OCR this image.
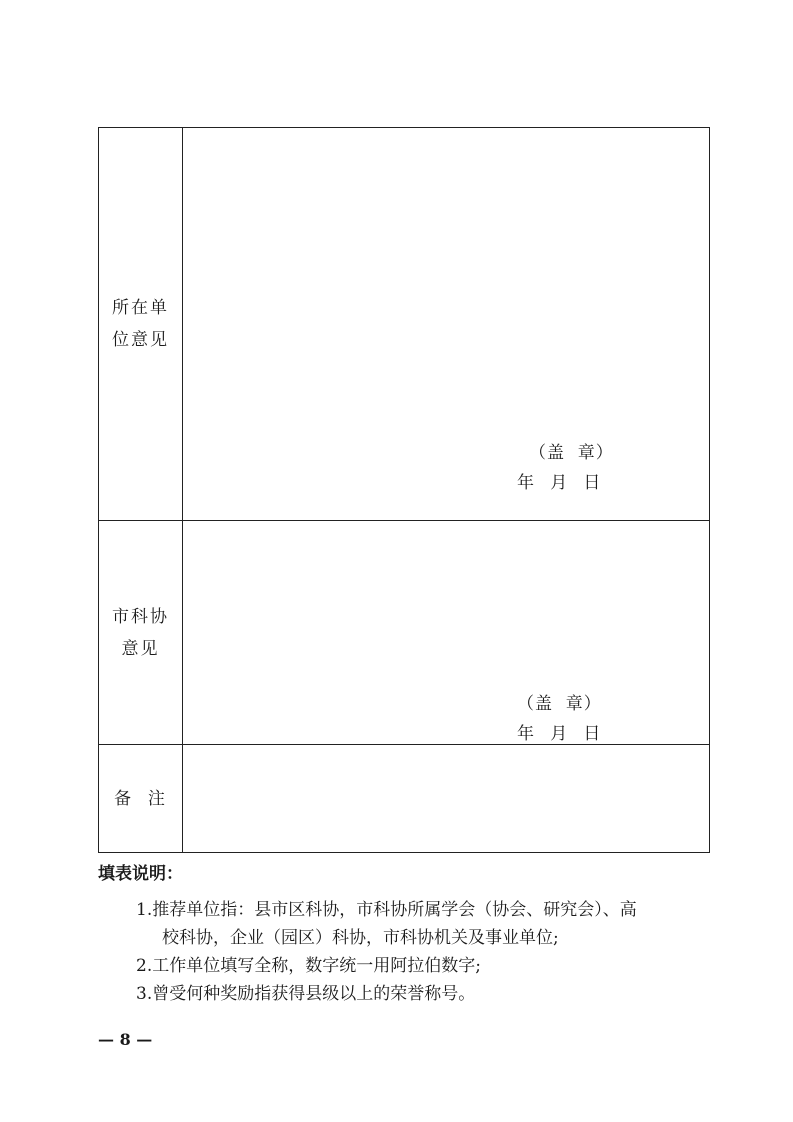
所在单位意见
（盖  章）
年   月   日
市科协意见
（盖  章）
年   月   日
备  注
填表说明：
1.推荐单位指：县市区科协，市科协所属学会（协会、研究会）、高
校科协，企业（园区）科协，市科协机关及事业单位;
2.工作单位填写全称，数字统一用阿拉伯数字;
3.曾受何种奖励指获得县级以上的荣誉称号。
— 8 —
